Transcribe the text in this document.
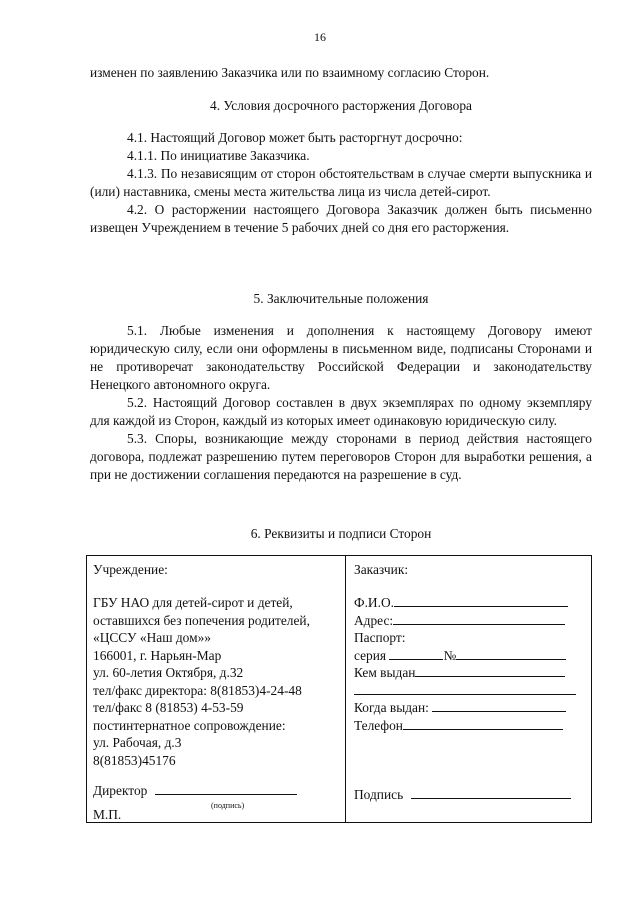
16
изменен по заявлению Заказчика или по взаимному согласию Сторон.
4. Условия досрочного расторжения Договора

4.1. Настоящий Договор может быть расторгнут досрочно:

4.1.1. По инициативе Заказчика.

4.1.3. По независящим от сторон обстоятельствам в случае смерти выпускника и (или) наставника, смены места жительства лица из числа детей-сирот.

4.2. О расторжении настоящего Договора Заказчик должен быть письменно извещен Учреждением в течение 5 рабочих дней со дня его расторжения.

5. Заключительные положения

5.1. Любые изменения и дополнения к настоящему Договору имеют юридическую силу, если они оформлены в письменном виде, подписаны Сторонами и не противоречат законодательству Российской Федерации и законодательству Ненецкого автономного округа.

5.2. Настоящий Договор составлен в двух экземплярах по одному экземпляру для каждой из Сторон, каждый из которых имеет одинаковую юридическую силу.

5.3. Споры, возникающие между сторонами в период действия настоящего договора, подлежат разрешению путем переговоров Сторон для выработки решения, а при не достижении соглашения передаются на разрешение в суд.

6. Реквизиты и подписи Сторон
Учреждение:
ГБУ НАО для детей-сирот и детей,
оставшихся без попечения родителей,
«ЦССУ «Наш дом»»
166001, г. Нарьян-Мар
ул. 60-летия Октября, д.32
тел/факс директора: 8(81853)4-24-48
тел/факс 8 (81853) 4-53-59
постинтернатное сопровождение:
ул. Рабочая, д.3
8(81853)45176
Директор
(подпись)
М.П.
Заказчик:
Ф.И.О.
Адрес:
Паспорт:
серия	№
Кем выдан
Когда выдан:
Телефон
Подпись
